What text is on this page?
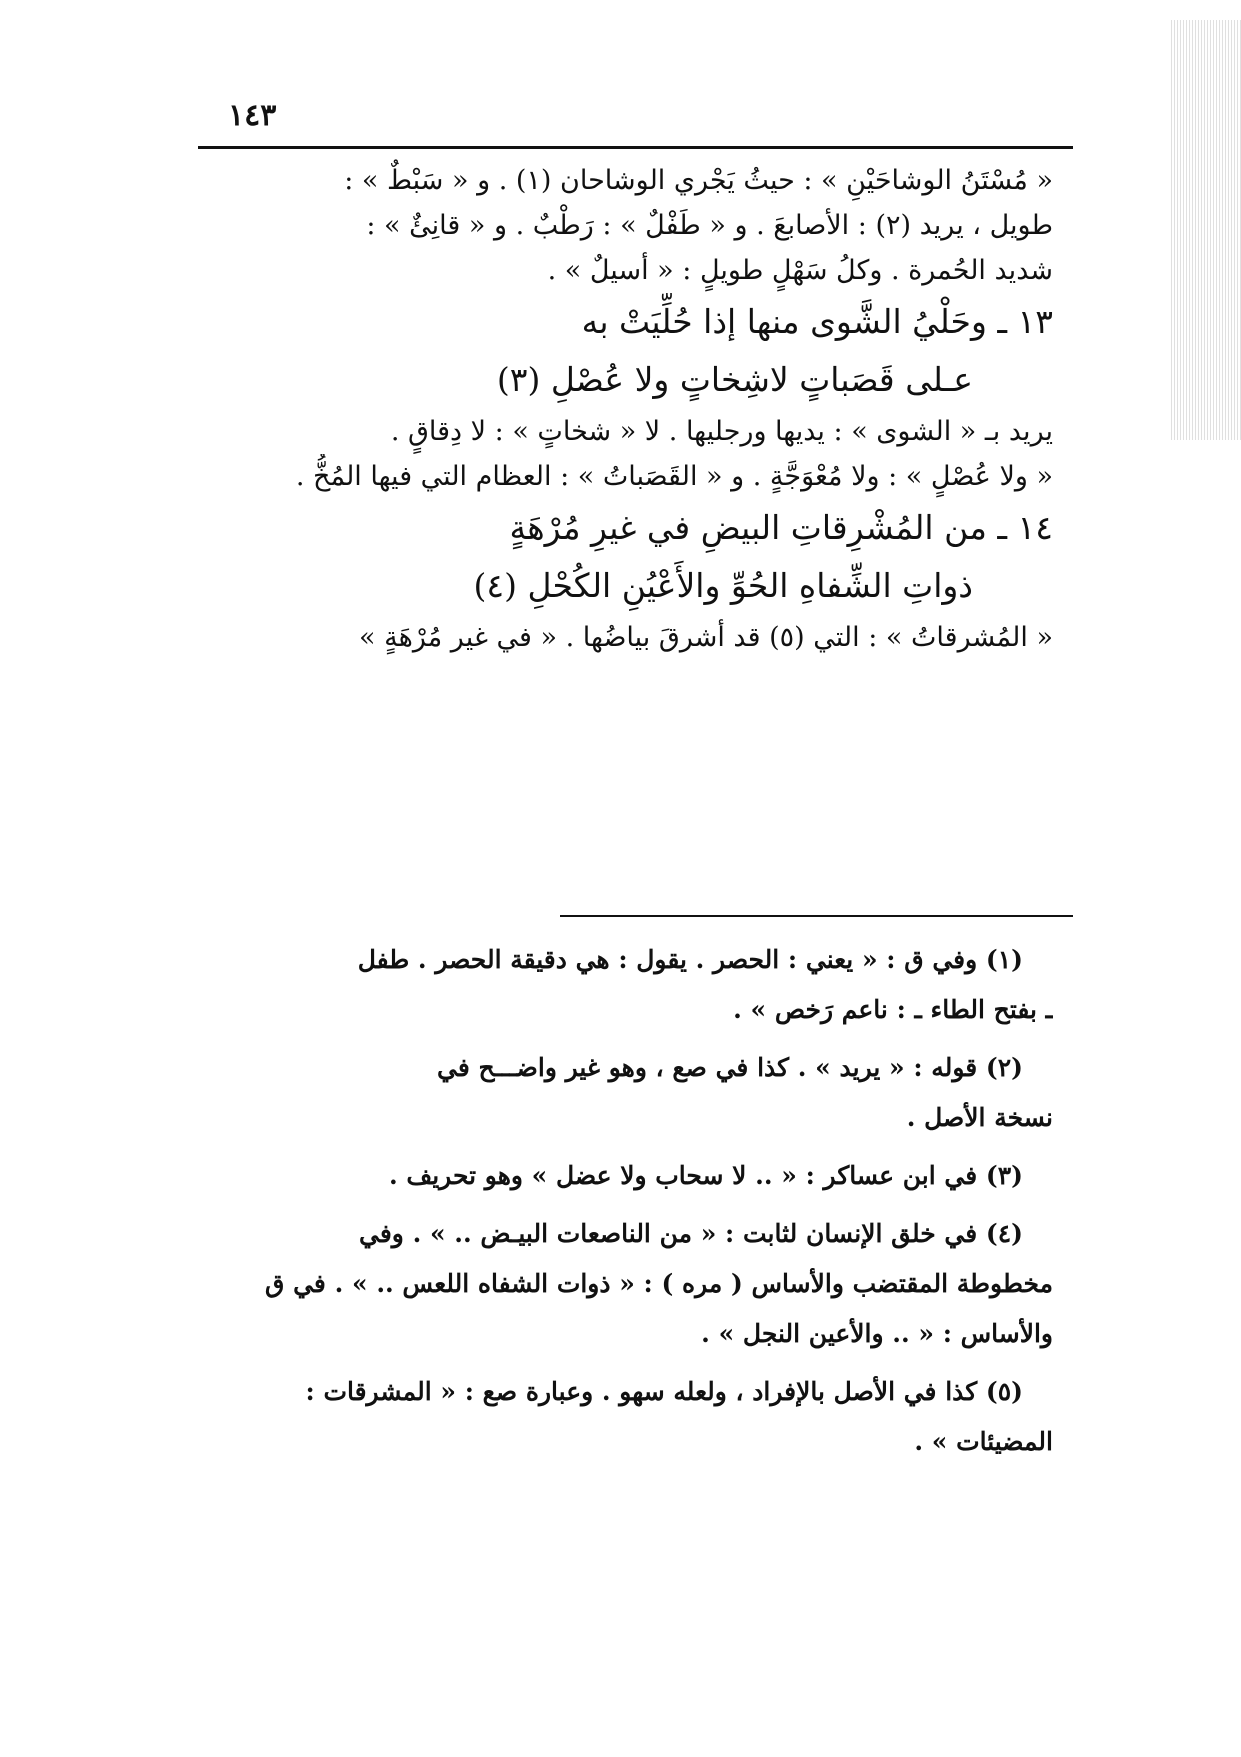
١٤٣
« مُسْتَنُ الوشاحَيْنِ » : حيثُ يَجْري الوشاحان (١) . و « سَبْطٌ » :
طويل ، يريد (٢) : الأصابعَ . و « طَفْلٌ » : رَطْبٌ . و « قانِئٌ » :
شديد الحُمرة . وكلُ سَهْلٍ طويلٍ : « أسيلٌ » .
١٣ ـ وحَلْيُ الشَّوى منها إذا حُلِّيَتْ به
عـلى قَصَباتٍ لاشِخاتٍ ولا عُصْلِ (٣)
يريد بـ « الشوى » : يديها ورجليها . لا « شخاتٍ » : لا دِقاقٍ .
« ولا عُصْلٍ » : ولا مُعْوَجَّةٍ . و « القَصَباتُ » : العظام التي فيها المُخُّ .
١٤ ـ من المُشْرِقاتِ البيضِ في غيرِ مُرْهَةٍ
ذواتِ الشِّفاهِ الحُوِّ والأَعْيُنِ الكُحْلِ (٤)
« المُشرقاتُ » : التي (٥) قد أشرقَ بياضُها . « في غير مُرْهَةٍ »
(١) وفي ق : « يعني : الحصر . يقول : هي دقيقة الحصر . طفل
ـ بفتح الطاء ـ : ناعم رَخص » .
(٢) قوله : « يريد » . كذا في صع ، وهو غير واضـــح في
نسخة الأصل .
(٣) في ابن عساكر : « .. لا سحاب ولا عضل » وهو تحريف .
(٤) في خلق الإنسان لثابت : « من الناصعات البيـض .. » . وفي
مخطوطة المقتضب والأساس ( مره ) : « ذوات الشفاه اللعس .. » . في ق
والأساس : « .. والأعين النجل » .
(٥) كذا في الأصل بالإفراد ، ولعله سهو . وعبارة صع : « المشرقات :
المضيئات » .
